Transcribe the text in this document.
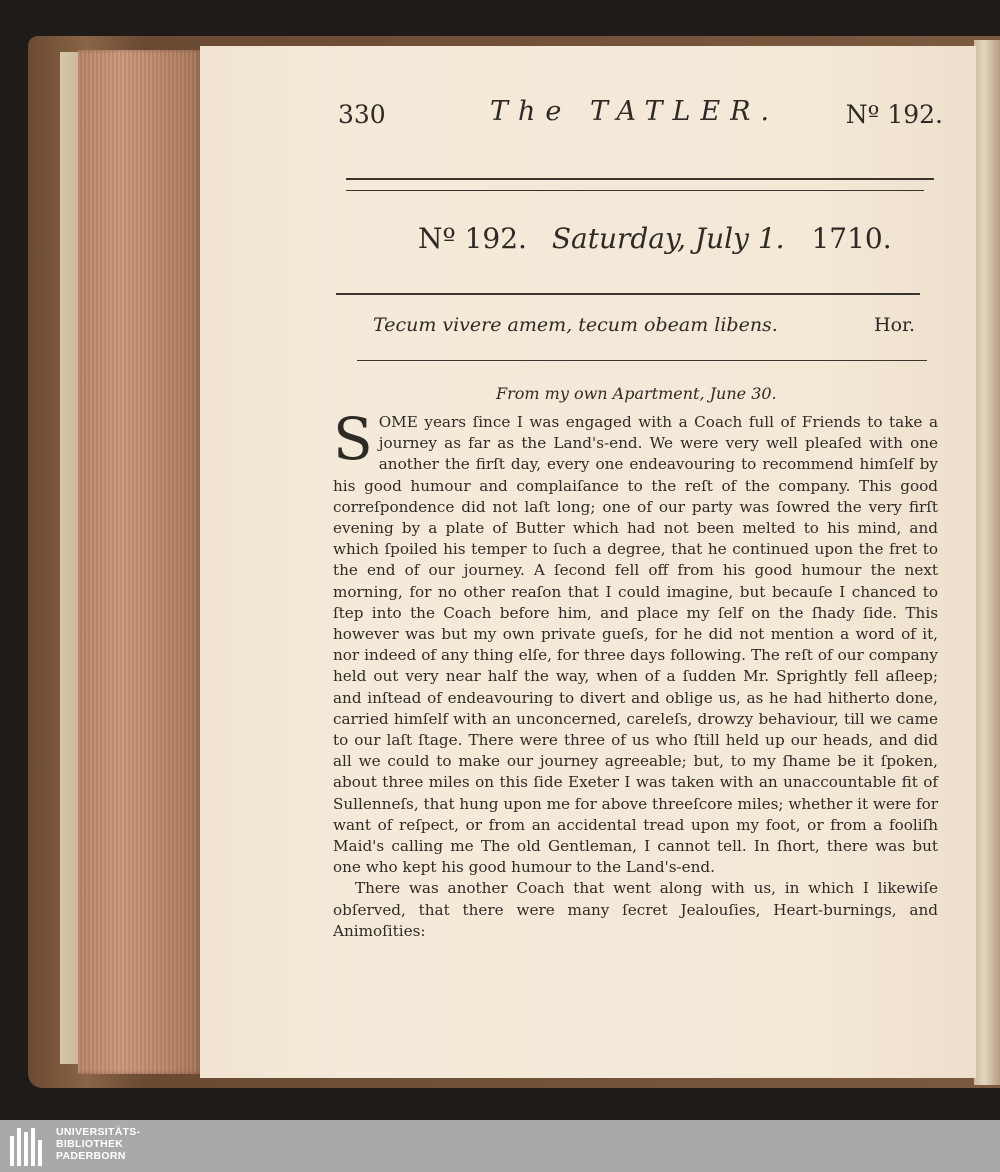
330	The TATLER.	Nº 192.
Nº 192. Saturday, July 1. 1710.
Tecum vivere amem, tecum obeam libens.	Hor.
From my own Apartment, June 30.

SOME years ſince I was engaged with a Coach full of Friends to take a journey as far as the Land's-end. We were very well pleaſed with one another the firſt day, every one endeavouring to recommend himſelf by his good humour and complaiſance to the reſt of the company. This good correſpondence did not laſt long; one of our party was ſowred the very firſt evening by a plate of Butter which had not been melted to his mind, and which ſpoiled his temper to ſuch a degree, that he continued upon the fret to the end of our journey. A ſecond fell off from his good humour the next morning, for no other reaſon that I could imagine, but becauſe I chanced to ſtep into the Coach before him, and place my ſelf on the ſhady ſide. This however was but my own private gueſs, for he did not mention a word of it, nor indeed of any thing elſe, for three days following. The reſt of our company held out very near half the way, when of a ſudden Mr. Sprightly fell aſleep; and inſtead of endeavouring to divert and oblige us, as he had hitherto done, carried himſelf with an unconcerned, careleſs, drowzy behaviour, till we came to our laſt ſtage. There were three of us who ſtill held up our heads, and did all we could to make our journey agreeable; but, to my ſhame be it ſpoken, about three miles on this ſide Exeter I was taken with an unaccountable fit of Sullenneſs, that hung upon me for above threeſcore miles; whether it were for want of reſpect, or from an accidental tread upon my foot, or from a fooliſh Maid's calling me The old Gentleman, I cannot tell. In ſhort, there was but one who kept his good humour to the Land's-end.

There was another Coach that went along with us, in which I likewiſe obſerved, that there were many ſecret Jealouſies, Heart-burnings, and Animoſities:

UNIVERSITÄTS-
BIBLIOTHEK
PADERBORN
